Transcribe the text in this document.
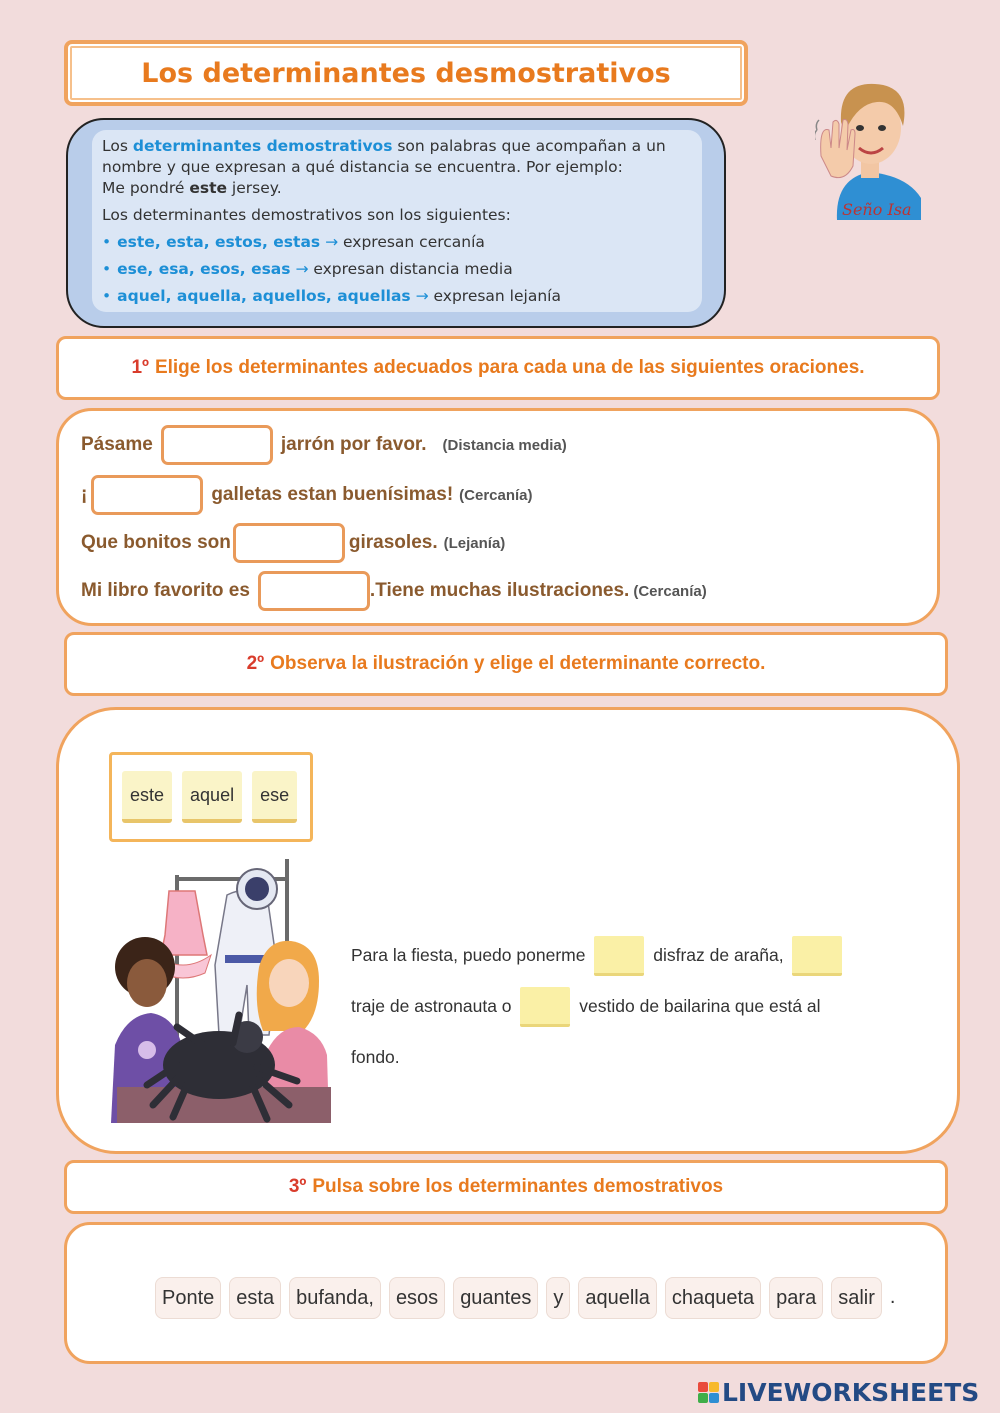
Los determinantes desmostrativos

Los determinantes demostrativos son palabras que acompañan a un nombre y que expresan a qué distancia se encuentra. Por ejemplo:
Me pondré este jersey.

Los determinantes demostrativos son los siguientes:

• este, esta, estos, estas → expresan cercanía
• ese, esa, esos, esas → expresan distancia media
• aquel, aquella, aquellos, aquellas → expresan lejanía
Seño Isa
1º Elige los determinantes adecuados para cada una de las siguientes oraciones.
Pásame	jarrón por favor. (Distancia media)
¡	galletas estan buenísimas! (Cercanía)
Que bonitos son	girasoles. (Lejanía)
Mi libro favorito es	.Tiene muchas ilustraciones. (Cercanía)
2º Observa la ilustración y elige el determinante correcto.
este	aquel	ese
Para la fiesta, puedo ponerme	disfraz de araña,
traje de astronauta o	vestido de bailarina que está al fondo.
3º Pulsa sobre los determinantes demostrativos
Ponte	esta	bufanda,	esos	guantes	y	aquella	chaqueta	para	salir .
LIVEWORKSHEETS
